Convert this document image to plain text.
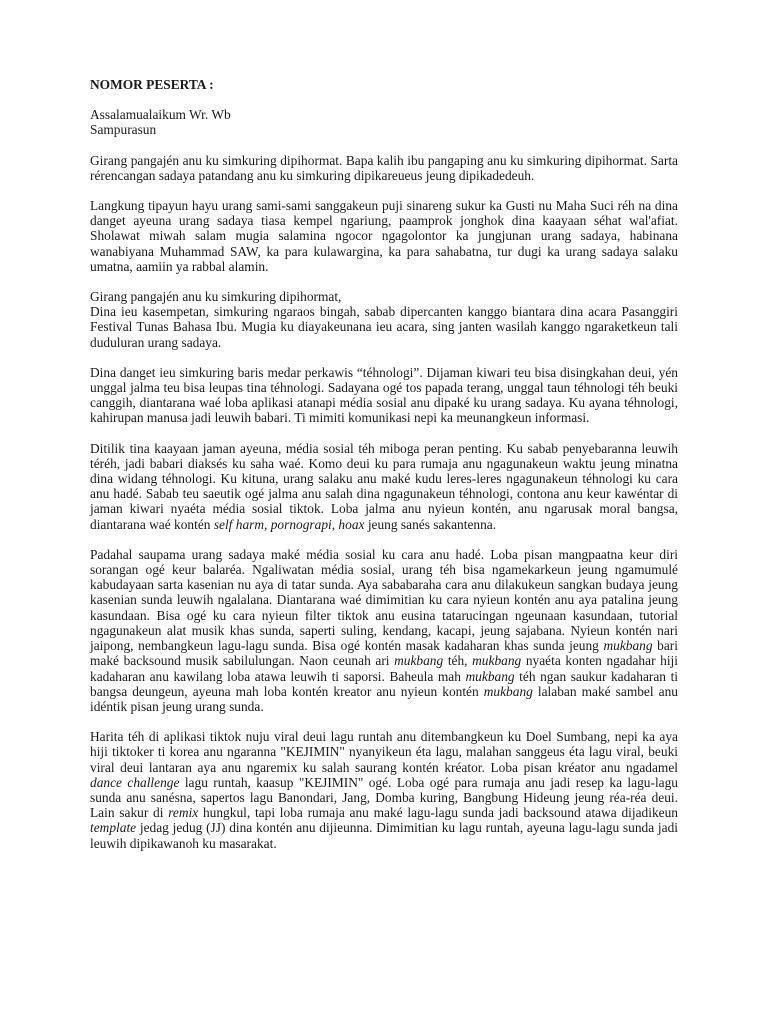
NOMOR PESERTA :

Assalamualaikum Wr. Wb

Sampurasun

Girang pangajén anu ku simkuring dipihormat. Bapa kalih ibu pangaping anu ku simkuring dipihormat. Sarta rérencangan sadaya patandang anu ku simkuring dipikareueus jeung dipikadedeuh.

Langkung tipayun hayu urang sami-sami sanggakeun puji sinareng sukur ka Gusti nu Maha Suci réh na dina danget ayeuna urang sadaya tiasa kempel ngariung, paamprok jonghok dina kaayaan séhat wal'afiat. Sholawat miwah salam mugia salamina ngocor ngagolontor ka jungjunan urang sadaya, habinana wanabiyana Muhammad SAW, ka para kulawargina, ka para sahabatna, tur dugi ka urang sadaya salaku umatna, aamiin ya rabbal alamin.

Girang pangajén anu ku simkuring dipihormat,

Dina ieu kasempetan, simkuring ngaraos bingah, sabab dipercanten kanggo biantara dina acara Pasanggiri Festival Tunas Bahasa Ibu. Mugia ku diayakeunana ieu acara, sing janten wasilah kanggo ngaraketkeun tali duduluran urang sadaya.

Dina danget ieu simkuring baris medar perkawis “téhnologi”. Dijaman kiwari teu bisa disingkahan deui, yén unggal jalma teu bisa leupas tina téhnologi. Sadayana ogé tos papada terang, unggal taun téhnologi téh beuki canggih, diantarana waé loba aplikasi atanapi média sosial anu dipaké ku urang sadaya. Ku ayana téhnologi, kahirupan manusa jadi leuwih babari. Ti mimiti komunikasi nepi ka meunangkeun informasi.

Ditilik tina kaayaan jaman ayeuna, média sosial téh miboga peran penting. Ku sabab penyebaranna leuwih téréh, jadi babari diaksés ku saha waé. Komo deui ku para rumaja anu ngagunakeun waktu jeung minatna dina widang téhnologi. Ku kituna, urang salaku anu maké kudu leres-leres ngagunakeun téhnologi ku cara anu hadé. Sabab teu saeutik ogé jalma anu salah dina ngagunakeun téhnologi, contona anu keur kawéntar di jaman kiwari nyaéta média sosial tiktok. Loba jalma anu nyieun kontén, anu ngarusak moral bangsa, diantarana waé kontén self harm, pornograpi, hoax jeung sanés sakantenna.

Padahal saupama urang sadaya maké média sosial ku cara anu hadé. Loba pisan mangpaatna keur diri sorangan ogé keur balaréa. Ngaliwatan média sosial, urang téh bisa ngamekarkeun jeung ngamumulé kabudayaan sarta kasenian nu aya di tatar sunda. Aya sababaraha cara anu dilakukeun sangkan budaya jeung kasenian sunda leuwih ngalalana. Diantarana waé dimimitian ku cara nyieun kontén anu aya patalina jeung kasundaan. Bisa ogé ku cara nyieun filter tiktok anu eusina tatarucingan ngeunaan kasundaan, tutorial ngagunakeun alat musik khas sunda, saperti suling, kendang, kacapi, jeung sajabana. Nyieun kontén nari jaipong, nembangkeun lagu-lagu sunda. Bisa ogé kontén masak kadaharan khas sunda jeung mukbang bari maké backsound musik sabilulungan. Naon ceunah ari mukbang téh, mukbang nyaéta konten ngadahar hiji kadaharan anu kawilang loba atawa leuwih ti saporsi. Baheula mah mukbang téh ngan saukur kadaharan ti bangsa deungeun, ayeuna mah loba kontén kreator anu nyieun kontén mukbang lalaban maké sambel anu idéntik pisan jeung urang sunda.

Harita téh di aplikasi tiktok nuju viral deui lagu runtah anu ditembangkeun ku Doel Sumbang, nepi ka aya hiji tiktoker ti korea anu ngaranna "KEJIMIN" nyanyikeun éta lagu, malahan sanggeus éta lagu viral, beuki viral deui lantaran aya anu ngaremix ku salah saurang kontén kréator. Loba pisan kréator anu ngadamel dance challenge lagu runtah, kaasup "KEJIMIN" ogé. Loba ogé para rumaja anu jadi resep ka lagu-lagu sunda anu sanésna, sapertos lagu Banondari, Jang, Domba kuring, Bangbung Hideung jeung réa-réa deui. Lain sakur di remix hungkul, tapi loba rumaja anu maké lagu-lagu sunda jadi backsound atawa dijadikeun template jedag jedug (JJ) dina kontén anu dijieunna. Dimimitian ku lagu runtah, ayeuna lagu-lagu sunda jadi leuwih dipikawanoh ku masarakat.
